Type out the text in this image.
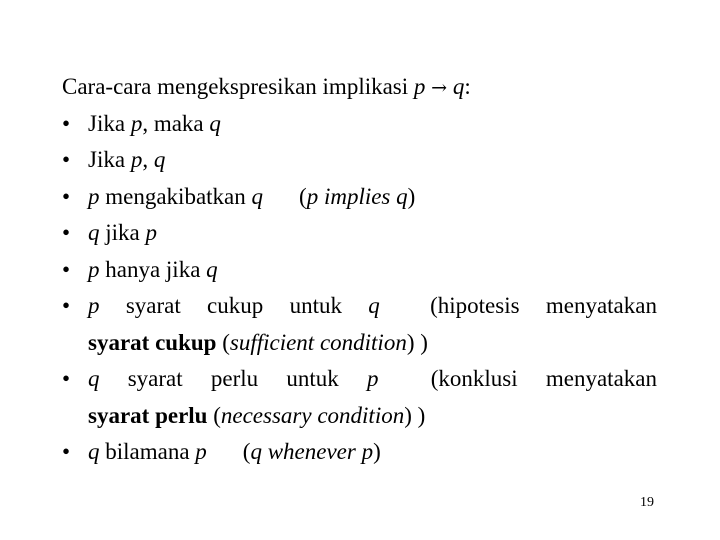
Cara-cara mengekspresikan implikasi p → q:
• Jika p, maka q
• Jika p, q
• p mengakibatkan q (p implies q)
• q jika p
• p hanya jika q
• p syarat cukup untuk q (hipotesis menyatakan
syarat cukup (sufficient condition) )
• q syarat perlu untuk p (konklusi menyatakan
syarat perlu (necessary condition) )
• q bilamana p (q whenever p)
19
